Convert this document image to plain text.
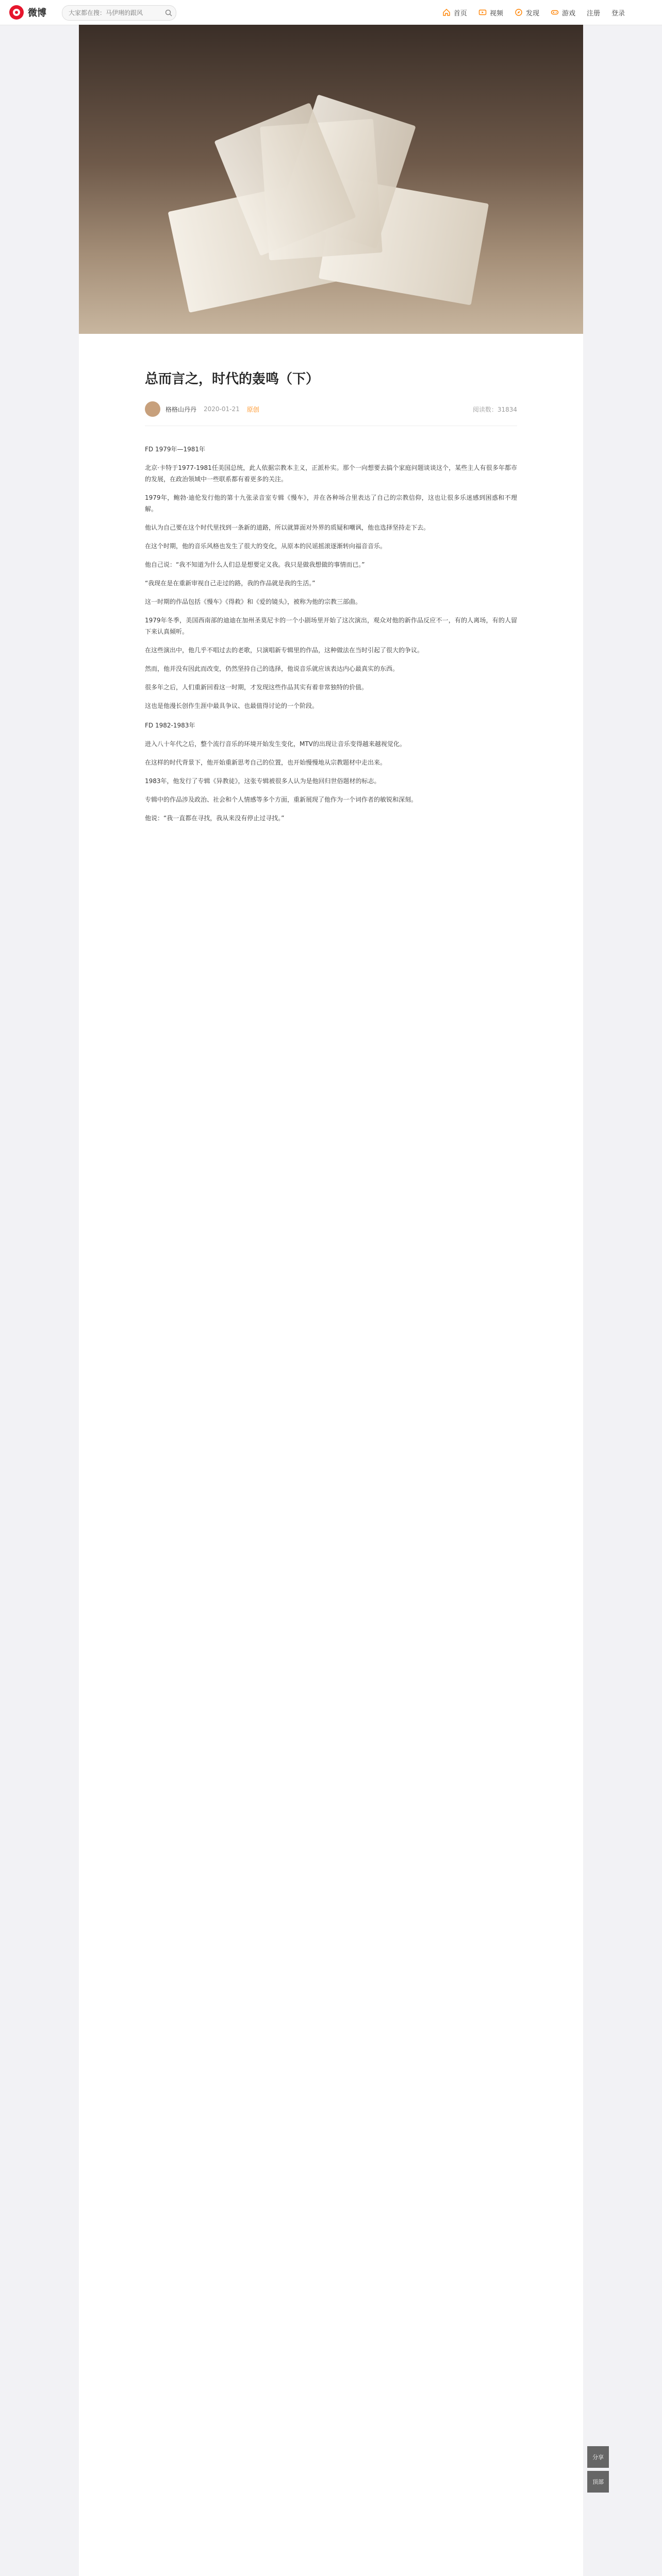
微博
大家都在搜：马伊琍的跟风	首页	视频	发现	游戏 注册 登录
总而言之，时代的轰鸣（下）
格格山丹丹 2020-01-21 原创	阅读数：31834
FD 1979年—1981年

北京·卡特于1977-1981任美国总统，此人依据宗教本主义，正派朴实。那个一向想要去搞个家庭问题谈谈这个，某些主人有很多年都市的发展，在政治领域中一些联系都有着更多的关注。

1979年，鲍勃·迪伦发行他的第十九张录音室专辑《慢车》，并在各种场合里表达了自己的宗教信仰，这也让很多乐迷感到困惑和不理解。

他认为自己要在这个时代里找到一条新的道路，所以就算面对外界的质疑和嘲讽，他也选择坚持走下去。

在这个时期，他的音乐风格也发生了很大的变化，从原本的民谣摇滚逐渐转向福音音乐。

他自己说：“我不知道为什么人们总是想要定义我。我只是做我想做的事情而已。”

“我现在是在重新审视自己走过的路，我的作品就是我的生活。”

这一时期的作品包括《慢车》《得救》和《爱的镜头》，被称为他的宗教三部曲。

1979年冬季，美国西南部的迪迪在加州圣莫尼卡的一个小剧场里开始了这次演出，观众对他的新作品反应不一，有的人离场，有的人留下来认真倾听。

在这些演出中，他几乎不唱过去的老歌，只演唱新专辑里的作品，这种做法在当时引起了很大的争议。

然而，他并没有因此而改变，仍然坚持自己的选择，他说音乐就应该表达内心最真实的东西。

很多年之后，人们重新回看这一时期，才发现这些作品其实有着非常独特的价值。

这也是他漫长创作生涯中最具争议、也最值得讨论的一个阶段。

FD 1982-1983年

进入八十年代之后，整个流行音乐的环境开始发生变化，MTV的出现让音乐变得越来越视觉化。

在这样的时代背景下，他开始重新思考自己的位置，也开始慢慢地从宗教题材中走出来。

1983年，他发行了专辑《异教徒》，这张专辑被很多人认为是他回归世俗题材的标志。

专辑中的作品涉及政治、社会和个人情感等多个方面，重新展现了他作为一个词作者的敏锐和深刻。

他说：“我一直都在寻找，我从来没有停止过寻找。”

分享
顶部
